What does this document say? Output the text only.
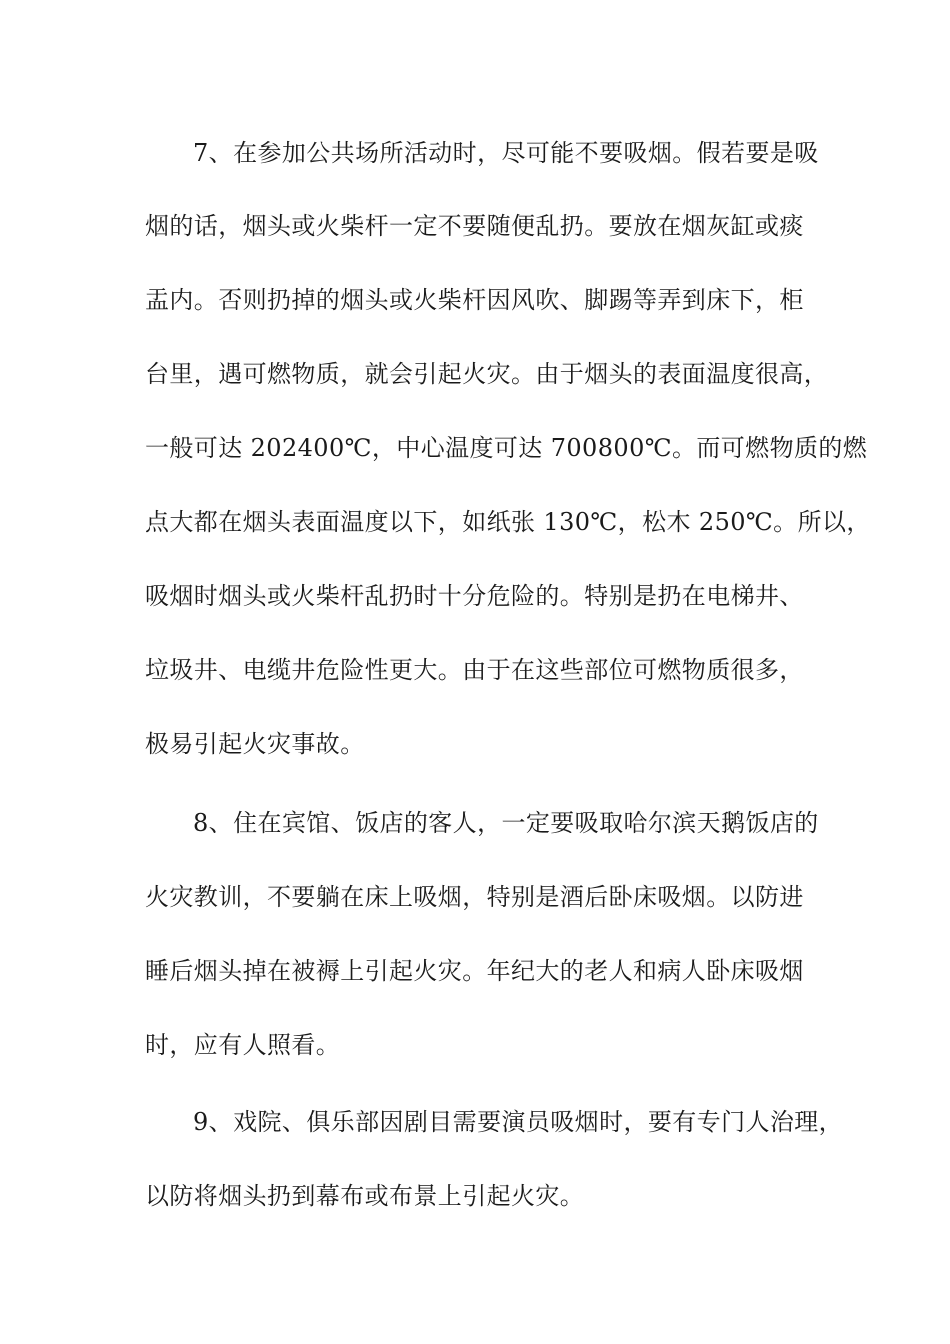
7、在参加公共场所活动时，尽可能不要吸烟。假若要是吸

烟的话，烟头或火柴杆一定不要随便乱扔。要放在烟灰缸或痰

盂内。否则扔掉的烟头或火柴杆因风吹、脚踢等弄到床下，柜

台里，遇可燃物质，就会引起火灾。由于烟头的表面温度很高，

一般可达 202400℃，中心温度可达 700800℃。而可燃物质的燃

点大都在烟头表面温度以下，如纸张 130℃，松木 250℃。所以，

吸烟时烟头或火柴杆乱扔时十分危险的。特别是扔在电梯井、

垃圾井、电缆井危险性更大。由于在这些部位可燃物质很多，

极易引起火灾事故。

8、住在宾馆、饭店的客人，一定要吸取哈尔滨天鹅饭店的

火灾教训，不要躺在床上吸烟，特别是酒后卧床吸烟。以防进

睡后烟头掉在被褥上引起火灾。年纪大的老人和病人卧床吸烟

时，应有人照看。

9、戏院、俱乐部因剧目需要演员吸烟时，要有专门人治理，

以防将烟头扔到幕布或布景上引起火灾。
